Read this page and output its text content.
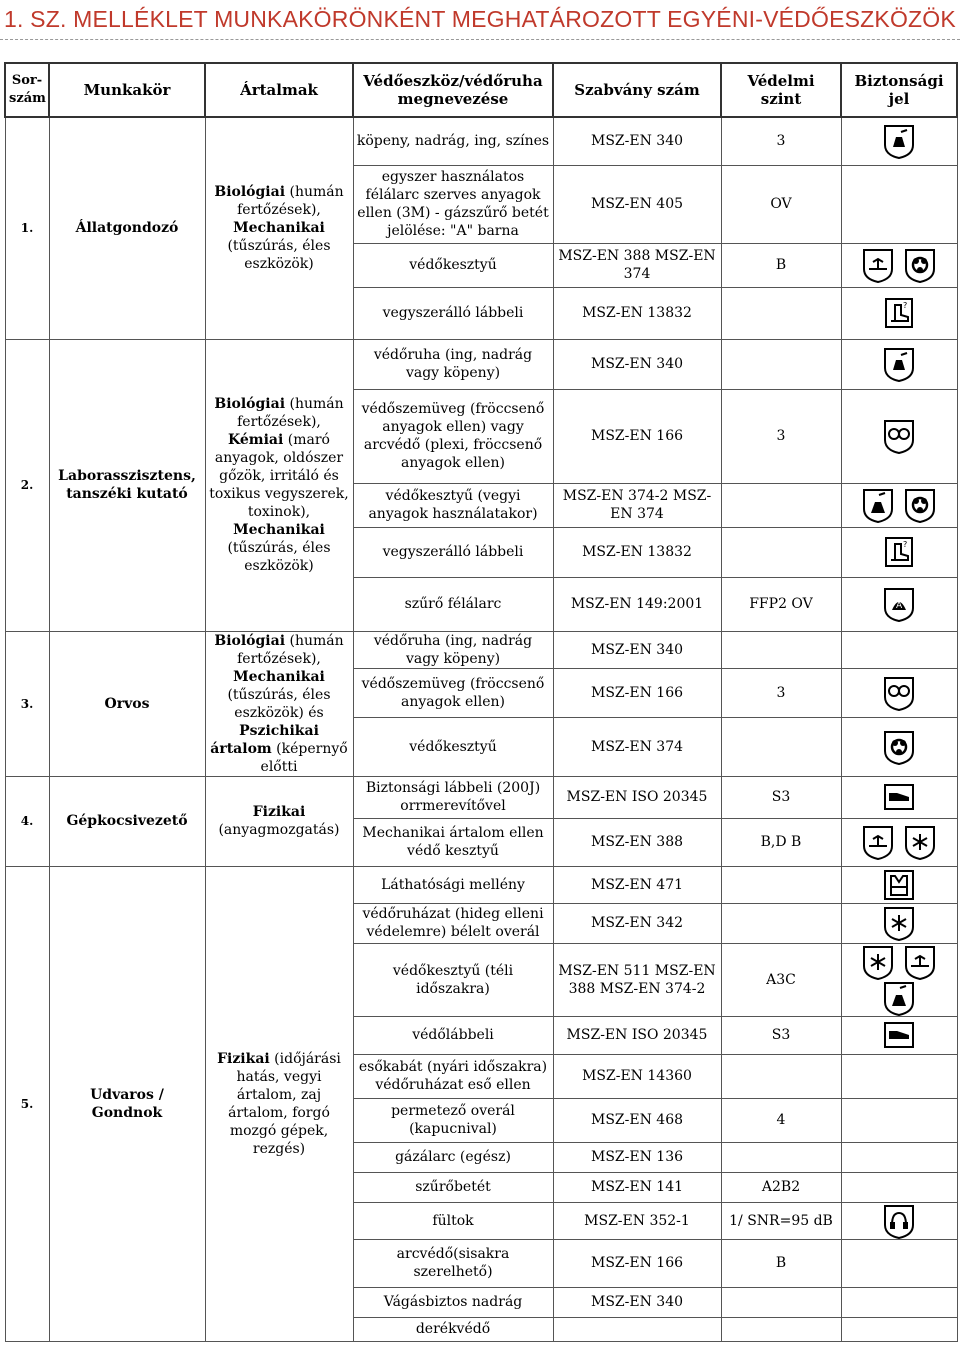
1. SZ. MELLÉKLET MUNKAKÖRÖNKÉNT MEGHATÁROZOTT EGYÉNI-VÉDŐESZKÖZÖK
Sor-szám	Munkakör	Ártalmak	Védőeszköz/védőruha megnevezése	Szabvány szám	Védelmi szint	Biztonsági jel
1.	Állatgondozó	Biológiai (humán fertőzések), Mechanikai (tűszúrás, éles eszközök)	köpeny, nadrág, ing, színes	MSZ-EN 340	3	

			egyszer használatos félálarc szerves anyagok ellen (3M) - gázszűrő betét jelölése: "A" barna	MSZ-EN 405	OV	
			védőkesztyű	MSZ-EN 388 MSZ-EN 374	B	

			vegyszerálló lábbeli	MSZ-EN 13832		?

2.	Laborasszisztens, tanszéki kutató	Biológiai (humán fertőzések), Kémiai (maró anyagok, oldószer gőzök, irritáló és toxikus vegyszerek, toxinok), Mechanikai (tűszúrás, éles eszközök)	védőruha (ing, nadrág vagy köpeny)	MSZ-EN 340		

			védőszemüveg (fröccsenő anyagok ellen) vagy arcvédő (plexi, fröccsenő anyagok ellen)	MSZ-EN 166	3	

			védőkesztyű (vegyi anyagok használatakor)	MSZ-EN 374-2 MSZ-EN 374		

			vegyszerálló lábbeli	MSZ-EN 13832		?

			szűrő félálarc	MSZ-EN 149:2001	FFP2 OV	A

3.	Orvos	Biológiai (humán fertőzések), Mechanikai (tűszúrás, éles eszközök) és Pszichikai ártalom (képernyő előtti	védőruha (ing, nadrág vagy köpeny)	MSZ-EN 340		
			védőszemüveg (fröccsenő anyagok ellen)	MSZ-EN 166	3	

			védőkesztyű	MSZ-EN 374		

4.	Gépkocsivezető	Fizikai (anyagmozgatás)	Biztonsági lábbeli (200J) orrmerevítővel	MSZ-EN ISO 20345	S3	

			Mechanikai ártalom ellen védő kesztyű	MSZ-EN 388	B,D B	

5.	Udvaros / Gondnok	Fizikai (időjárási hatás, vegyi ártalom, zaj ártalom, forgó mozgó gépek, rezgés)	Láthatósági mellény	MSZ-EN 471		

			védőruházat (hideg elleni védelemre) bélelt overál	MSZ-EN 342		

			védőkesztyű (téli időszakra)	MSZ-EN 511 MSZ-EN 388 MSZ-EN 374-2	A3C	

			védőlábbeli	MSZ-EN ISO 20345	S3	

			esőkabát (nyári időszakra) védőruházat eső ellen	MSZ-EN 14360		
			permetező overál (kapucnival)	MSZ-EN 468	4	
			gázálarc (egész)	MSZ-EN 136		
			szűrőbetét	MSZ-EN 141	A2B2	
			fültok	MSZ-EN 352-1	1/ SNR=95 dB	

			arcvédő(sisakra szerelhető)	MSZ-EN 166	B	
			Vágásbiztos nadrág	MSZ-EN 340		
			derékvédő			
